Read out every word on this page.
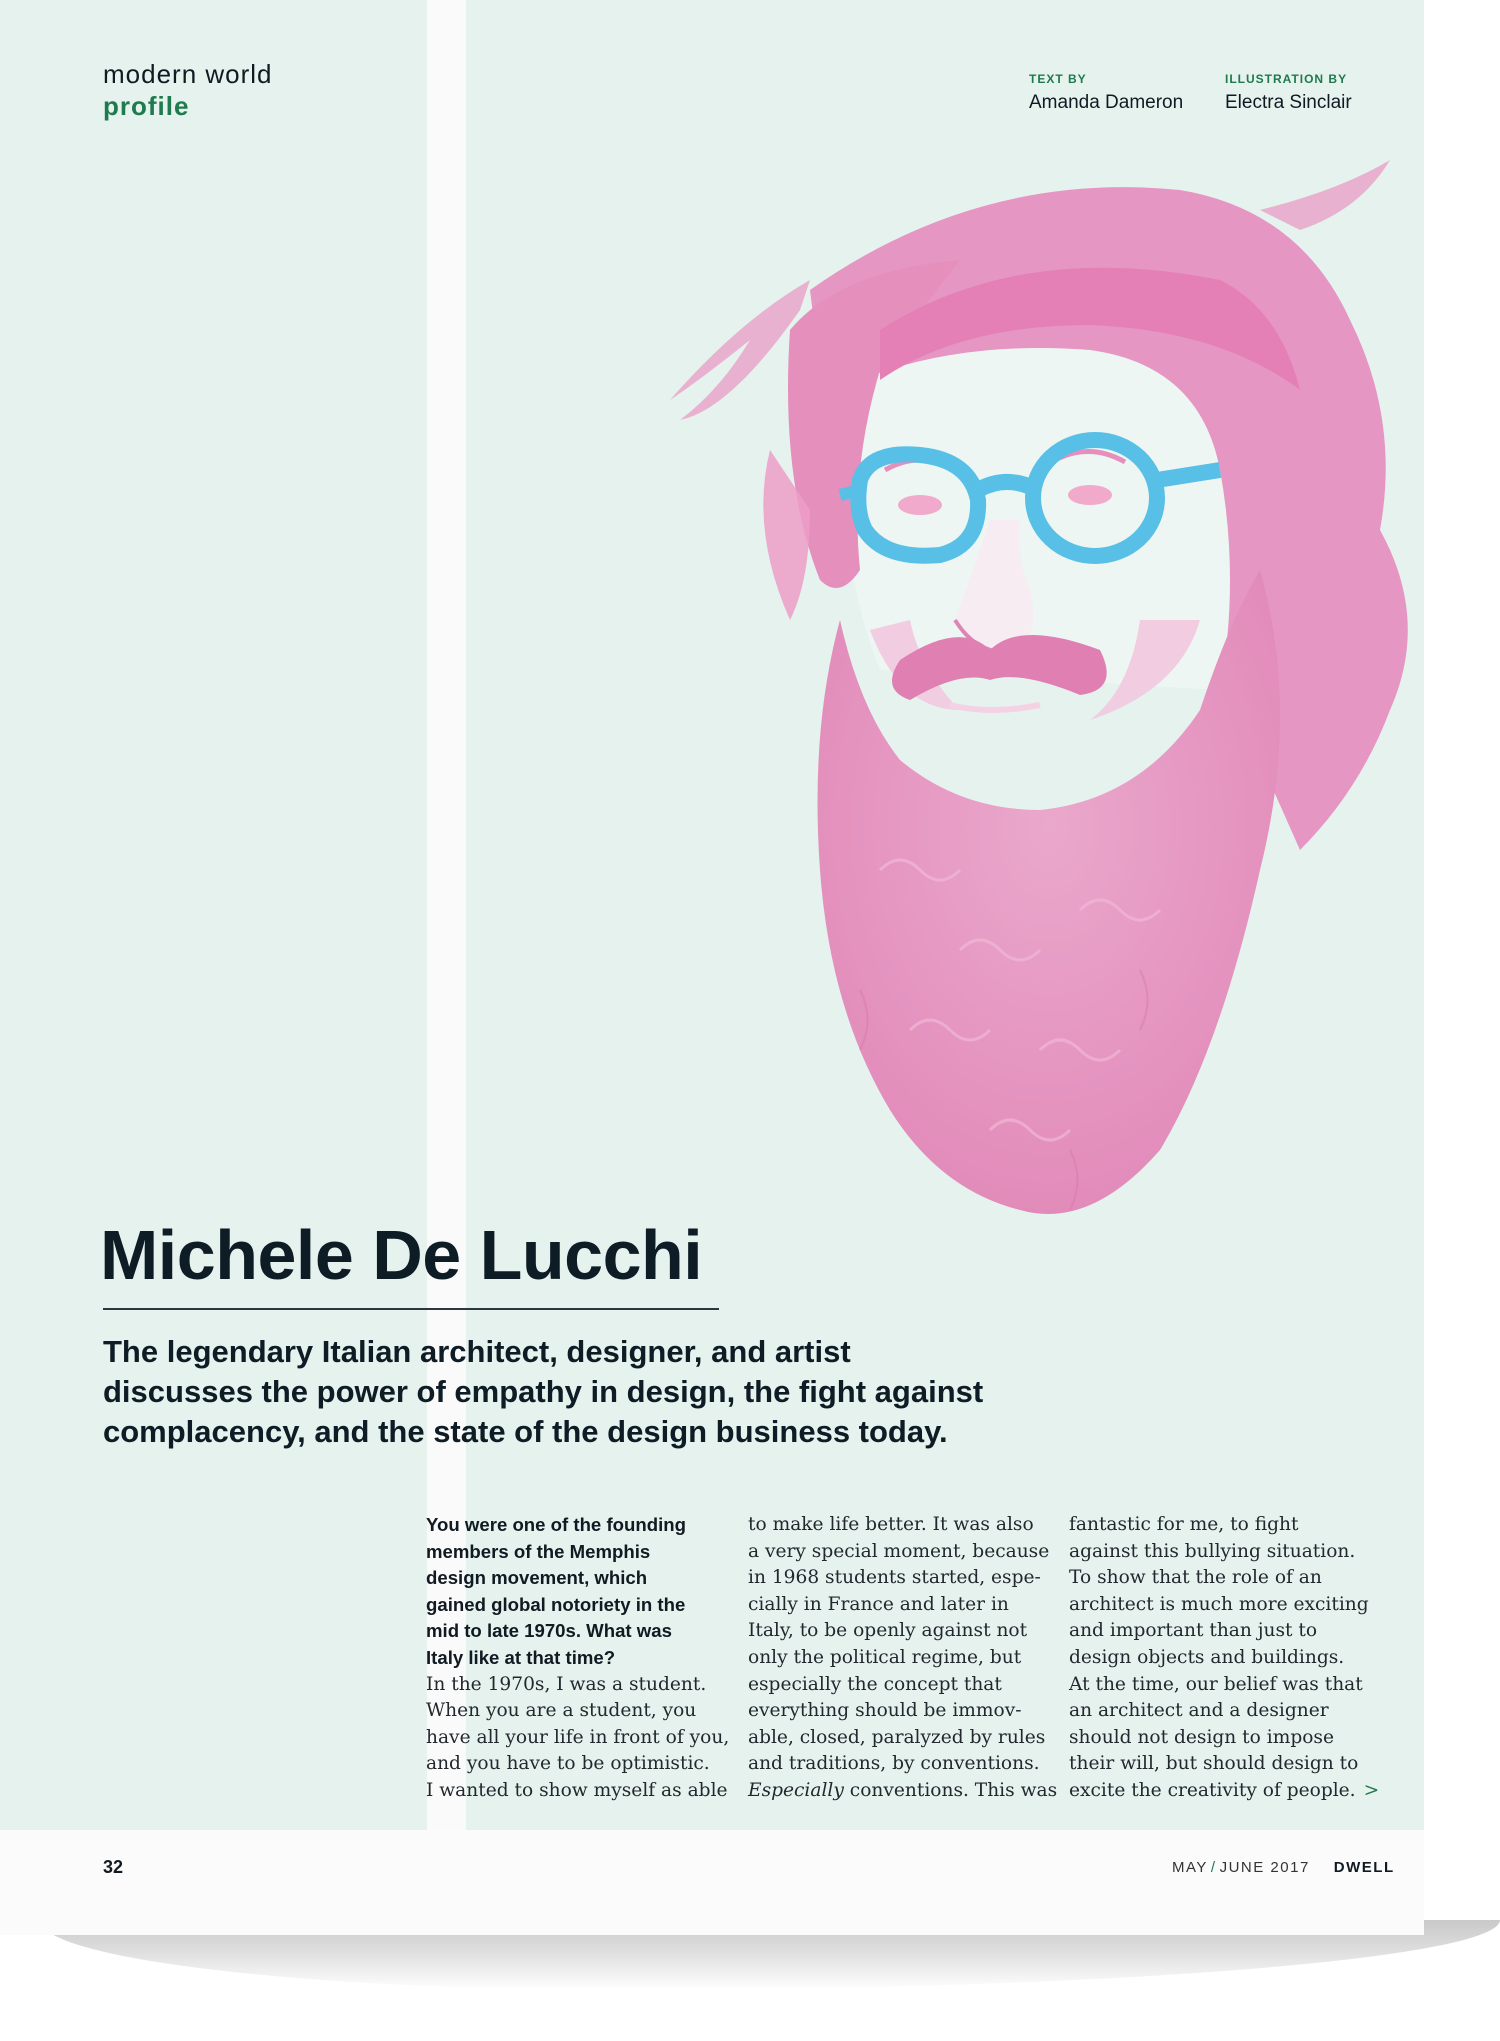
modern world
profile
TEXT BY
Amanda Dameron
ILLUSTRATION BY
Electra Sinclair
Michele De Lucchi

The legendary Italian architect, designer, and artist
discusses the power of empathy in design, the fight against
complacency, and the state of the design business today.

You were one of the founding
members of the Memphis
design movement, which
gained global notoriety in the
mid to late 1970s. What was
Italy like at that time?
In the 1970s, I was a student.
When you are a student, you
have all your life in front of you,
and you have to be optimistic.
I wanted to show myself as able
to make life better. It was also
a very special moment, because
in 1968 students started, espe-
cially in France and later in
Italy, to be openly against not
only the political regime, but
especially the concept that
everything should be immov-
able, closed, paralyzed by rules
and traditions, by conventions.
Especially conventions. This was
fantastic for me, to fight
against this bullying situation.
To show that the role of an
architect is much more exciting
and important than just to
design objects and buildings.
At the time, our belief was that
an architect and a designer
should not design to impose
their will, but should design to
excite the creativity of people. >
32	MAY / JUNE 2017 DWELL
